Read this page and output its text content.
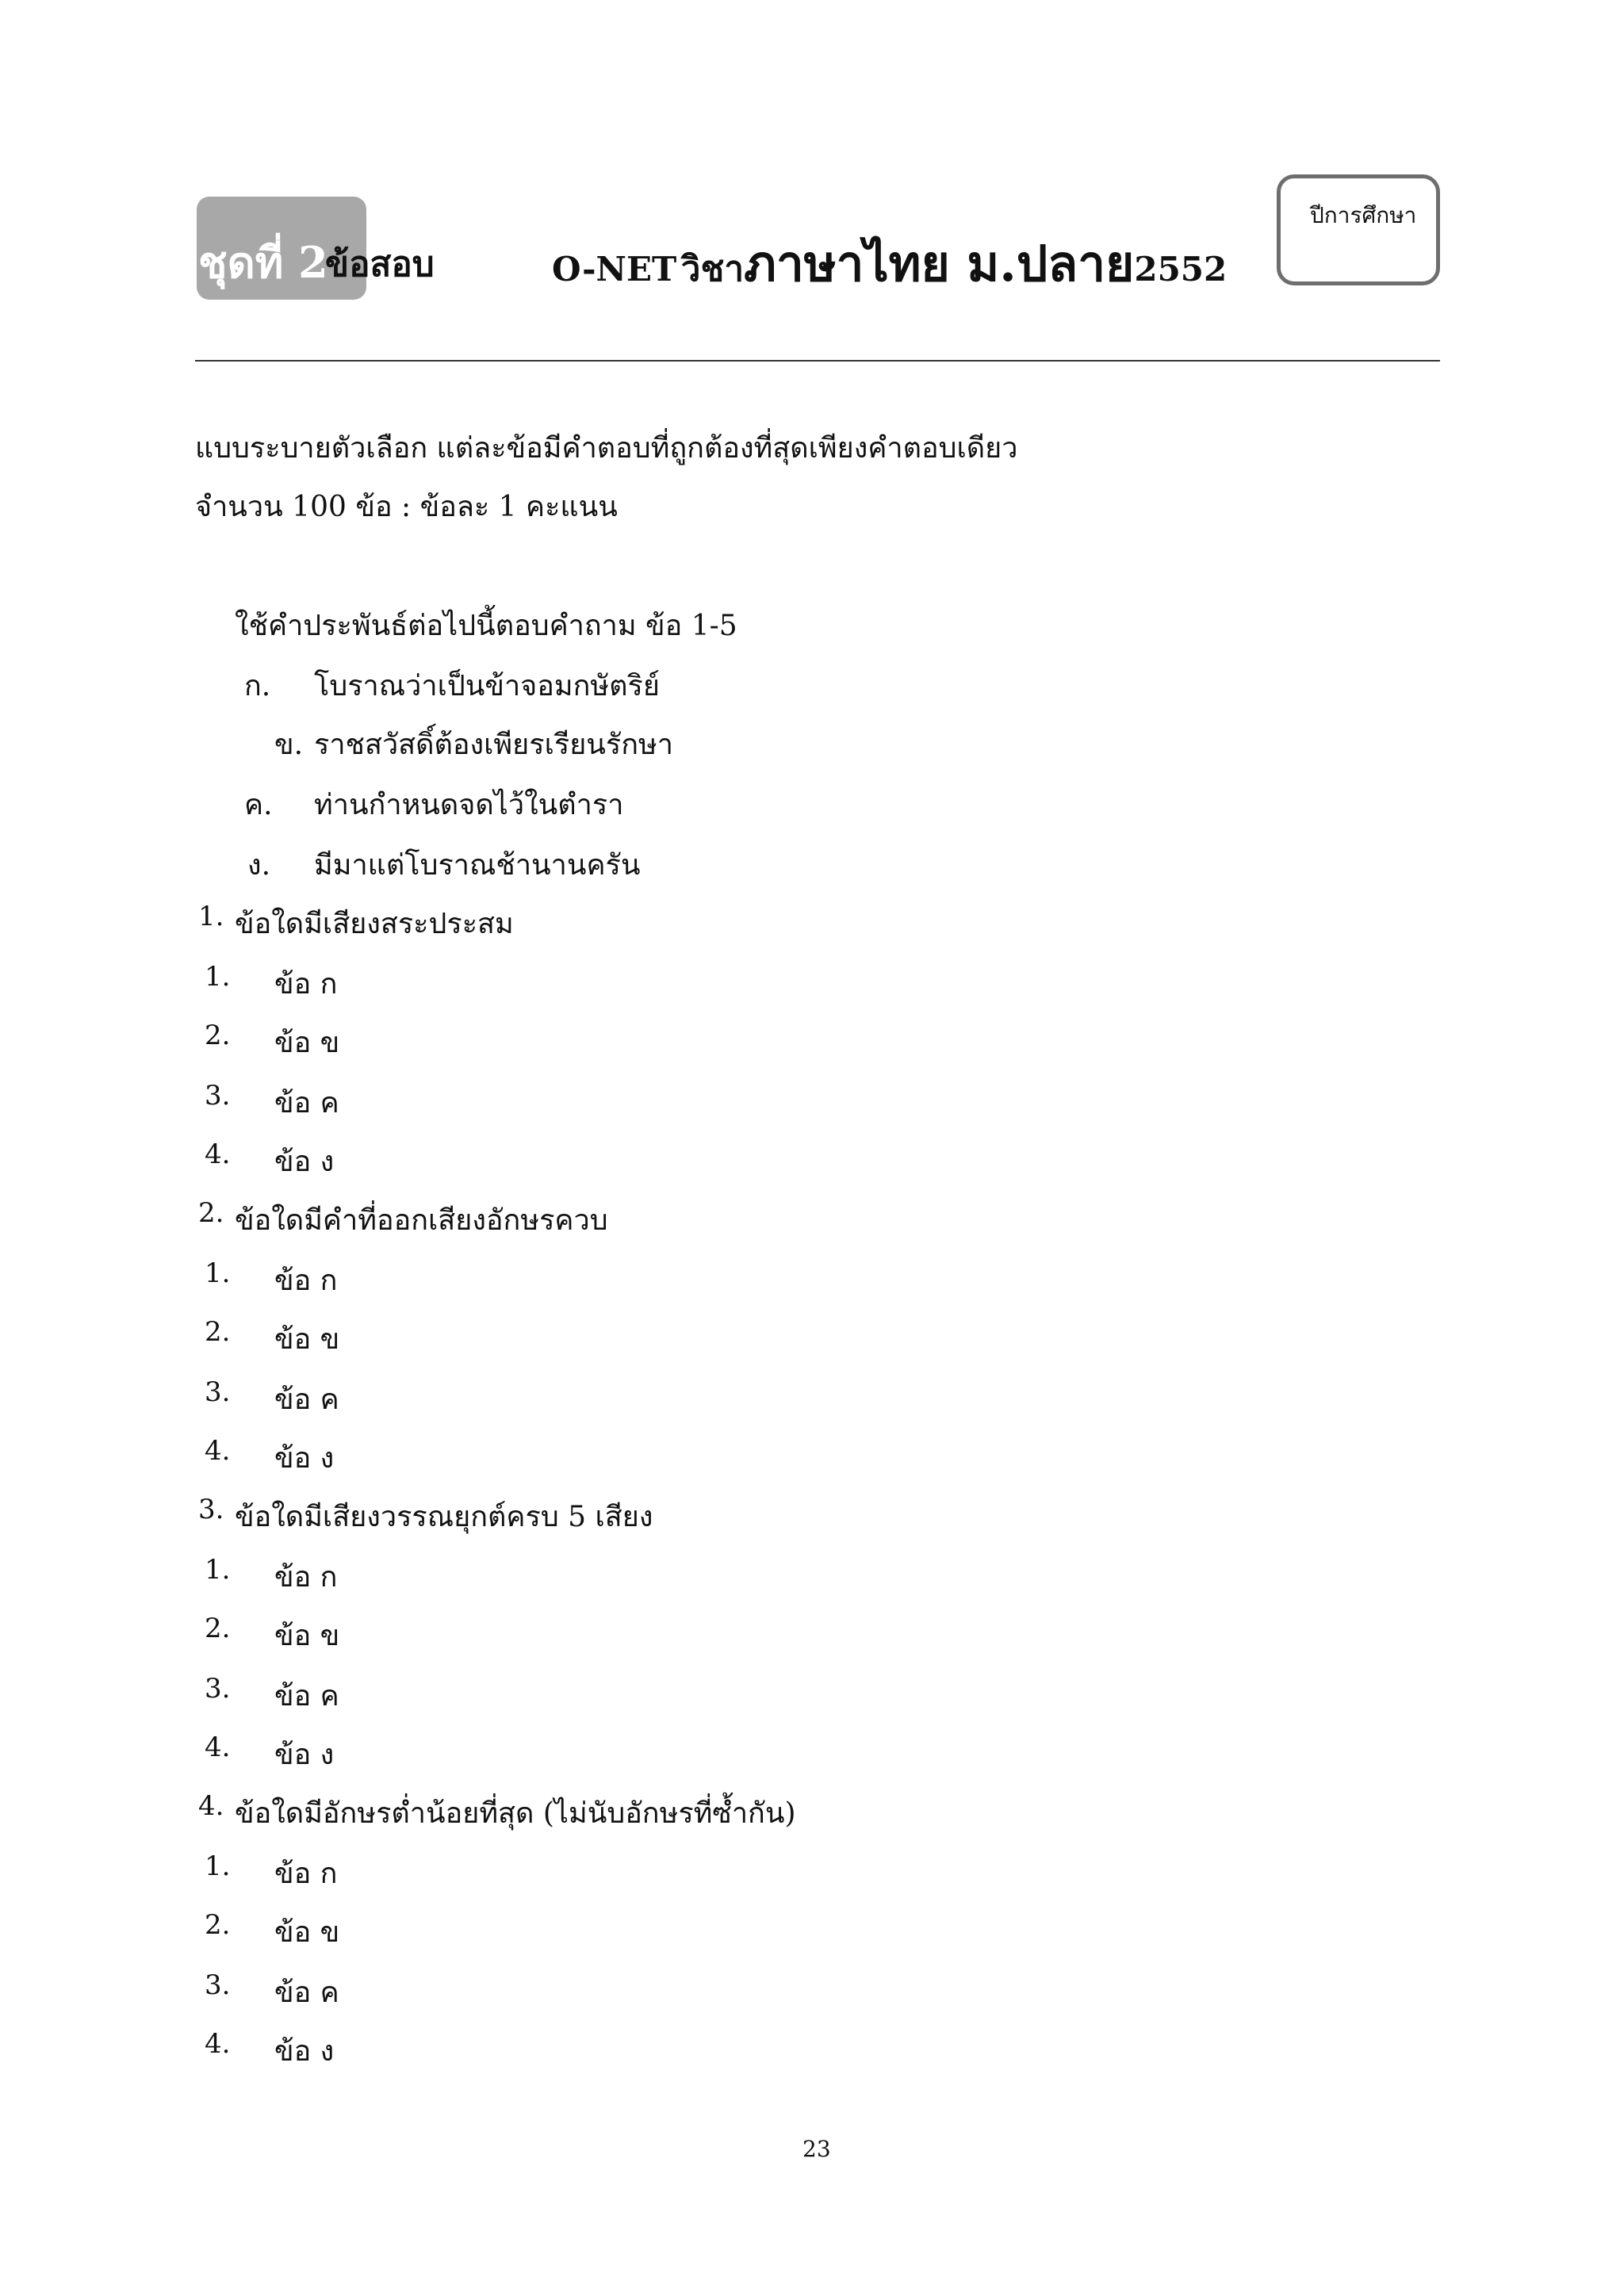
ชุดที่ 2
ข้อสอบ	O-NET วิชาภาษาไทย ม.ปลาย2552
ปีการศึกษา
แบบระบายตัวเลือก แต่ละข้อมีคำตอบที่ถูกต้องที่สุดเพียงคำตอบเดียว
จำนวน 100 ข้อ : ข้อละ 1 คะแนน
ใช้คำประพันธ์ต่อไปนี้ตอบคำถาม ข้อ 1-5
ก. โบราณว่าเป็นข้าจอมกษัตริย์
ข. ราชสวัสดิ์ต้องเพียรเรียนรักษา
ค. ท่านกำหนดจดไว้ในตำรา
ง. มีมาแต่โบราณช้านานครัน
1. ข้อใดมีเสียงสระประสม
1. ข้อ ก
2. ข้อ ข
3. ข้อ ค
4. ข้อ ง
2. ข้อใดมีคำที่ออกเสียงอักษรควบ
1. ข้อ ก
2. ข้อ ข
3. ข้อ ค
4. ข้อ ง
3. ข้อใดมีเสียงวรรณยุกต์ครบ 5 เสียง
1. ข้อ ก
2. ข้อ ข
3. ข้อ ค
4. ข้อ ง
4. ข้อใดมีอักษรต่ำน้อยที่สุด (ไม่นับอักษรที่ซ้ำกัน)
1. ข้อ ก
2. ข้อ ข
3. ข้อ ค
4. ข้อ ง
23
